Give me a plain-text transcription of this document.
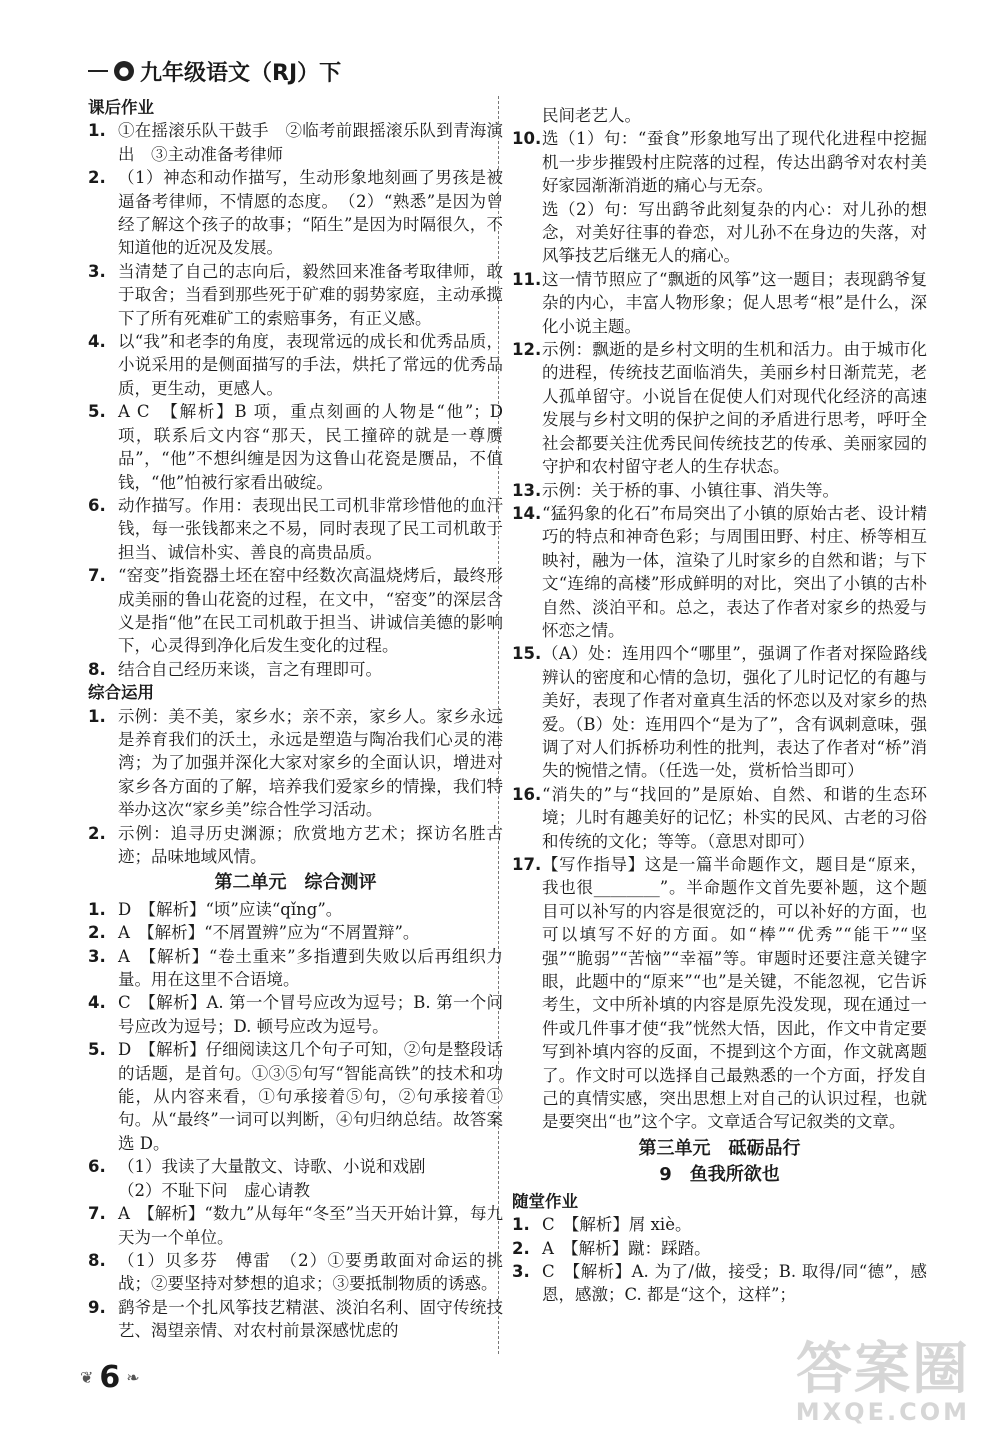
● 九年级语文（RJ）下

课后作业

1. ①在摇滚乐队干鼓手　②临考前跟摇滚乐队到青海演出　③主动准备考律师
2. （1）神态和动作描写，生动形象地刻画了男孩是被逼备考律师，不情愿的态度。　（2）“熟悉”是因为曾经了解这个孩子的故事；“陌生”是因为时隔很久，不知道他的近况及发展。
3. 当清楚了自己的志向后，毅然回来准备考取律师，敢于取舍；当看到那些死于矿难的弱势家庭，主动承揽下了所有死难矿工的索赔事务，有正义感。
4. 以“我”和老李的角度，表现常远的成长和优秀品质，小说采用的是侧面描写的手法，烘托了常远的优秀品质，更生动，更感人。
5. A C　【解析】B 项，重点刻画的人物是“他”；D 项，联系后文内容“那天，民工撞碎的就是一尊赝品”，“他”不想纠缠是因为这鲁山花瓷是赝品，不值钱，“他”怕被行家看出破绽。
6. 动作描写。作用：表现出民工司机非常珍惜他的血汗钱，每一张钱都来之不易，同时表现了民工司机敢于担当、诚信朴实、善良的高贵品质。
7. “窑变”指瓷器土坯在窑中经数次高温烧烤后，最终形成美丽的鲁山花瓷的过程，在文中，“窑变”的深层含义是指“他”在民工司机敢于担当、讲诚信美德的影响下，心灵得到净化后发生变化的过程。
8. 结合自己经历来谈，言之有理即可。

综合运用

1. 示例：美不美，家乡水；亲不亲，家乡人。家乡永远是养育我们的沃土，永远是塑造与陶冶我们心灵的港湾；为了加强并深化大家对家乡的全面认识，增进对家乡各方面的了解，培养我们爱家乡的情操，我们特举办这次“家乡美”综合性学习活动。
2. 示例：追寻历史渊源；欣赏地方艺术；探访名胜古迹；品味地域风情。

第二单元　综合测评

1. D　【解析】“顷”应读“qǐng”。
2. A　【解析】“不屑置辨”应为“不屑置辩”。
3. A　【解析】“卷土重来”多指遭到失败以后再组织力量。用在这里不合语境。
4. C　【解析】A. 第一个冒号应改为逗号；B. 第一个问号应改为逗号；D. 顿号应改为逗号。
5. D　【解析】仔细阅读这几个句子可知，②句是整段话的话题，是首句。①③⑤句写“智能高铁”的技术和功能，从内容来看，①句承接着⑤句，②句承接着①句。从“最终”一词可以判断，④句归纳总结。故答案选 D。
6. （1）我读了大量散文、诗歌、小说和戏剧
（2）不耻下问　虚心请教
7. A　【解析】“数九”从每年“冬至”当天开始计算，每九天为一个单位。
8. （1）贝多芬　傅雷　（2）①要勇敢面对命运的挑战；②要坚持对梦想的追求；③要抵制物质的诱惑。
9. 鹞爷是一个扎风筝技艺精湛、淡泊名利、固守传统技艺、渴望亲情、对农村前景深感忧虑的

民间老艺人。

10. 选（1）句：“蚕食”形象地写出了现代化进程中挖掘机一步步摧毁村庄院落的过程，传达出鹞爷对农村美好家园渐渐消逝的痛心与无奈。
选（2）句：写出鹞爷此刻复杂的内心：对儿孙的想念，对美好往事的眷恋，对儿孙不在身边的失落，对风筝技艺后继无人的痛心。
11. 这一情节照应了“飘逝的风筝”这一题目；表现鹞爷复杂的内心，丰富人物形象；促人思考“根”是什么，深化小说主题。
12. 示例：飘逝的是乡村文明的生机和活力。由于城市化的进程，传统技艺面临消失，美丽乡村日渐荒芜，老人孤单留守。小说旨在促使人们对现代化经济的高速发展与乡村文明的保护之间的矛盾进行思考，呼吁全社会都要关注优秀民间传统技艺的传承、美丽家园的守护和农村留守老人的生存状态。
13. 示例：关于桥的事、小镇往事、消失等。
14. “猛犸象的化石”布局突出了小镇的原始古老、设计精巧的特点和神奇色彩；与周围田野、村庄、桥等相互映衬，融为一体，渲染了儿时家乡的自然和谐；与下文“连绵的高楼”形成鲜明的对比，突出了小镇的古朴自然、淡泊平和。总之，表达了作者对家乡的热爱与怀恋之情。
15. （A）处：连用四个“哪里”，强调了作者对探险路线辨认的密度和心情的急切，强化了儿时记忆的有趣与美好，表现了作者对童真生活的怀恋以及对家乡的热爱。（B）处：连用四个“是为了”，含有讽刺意味，强调了对人们拆桥功利性的批判，表达了作者对“桥”消失的惋惜之情。（任选一处，赏析恰当即可）
16. “消失的”与“找回的”是原始、自然、和谐的生态环境；儿时有趣美好的记忆；朴实的民风、古老的习俗和传统的文化；等等。（意思对即可）
17. 【写作指导】这是一篇半命题作文，题目是“原来，我也很________”。半命题作文首先要补题，这个题目可以补写的内容是很宽泛的，可以补好的方面，也可以填写不好的方面。如“棒”“优秀”“能干”“坚强”“脆弱”“苦恼”“幸福”等。审题时还要注意关键字眼，此题中的“原来”“也”是关键，不能忽视，它告诉考生，文中所补填的内容是原先没发现，现在通过一件或几件事才使“我”恍然大悟，因此，作文中肯定要写到补填内容的反面，不提到这个方面，作文就离题了。作文时可以选择自己最熟悉的一个方面，抒发自己的真情实感，突出思想上对自己的认识过程，也就是要突出“也”这个字。文章适合写记叙类的文章。

第三单元　砥砺品行

9　鱼我所欲也

随堂作业

1. C　【解析】屑 xiè。
2. A　【解析】蹴：踩踏。
3. C　【解析】A. 为了/做，接受；B. 取得/同“德”，感恩，感激；C. 都是“这个，这样”；
❦ 6 ❧	答案圈
MXQE.COM
